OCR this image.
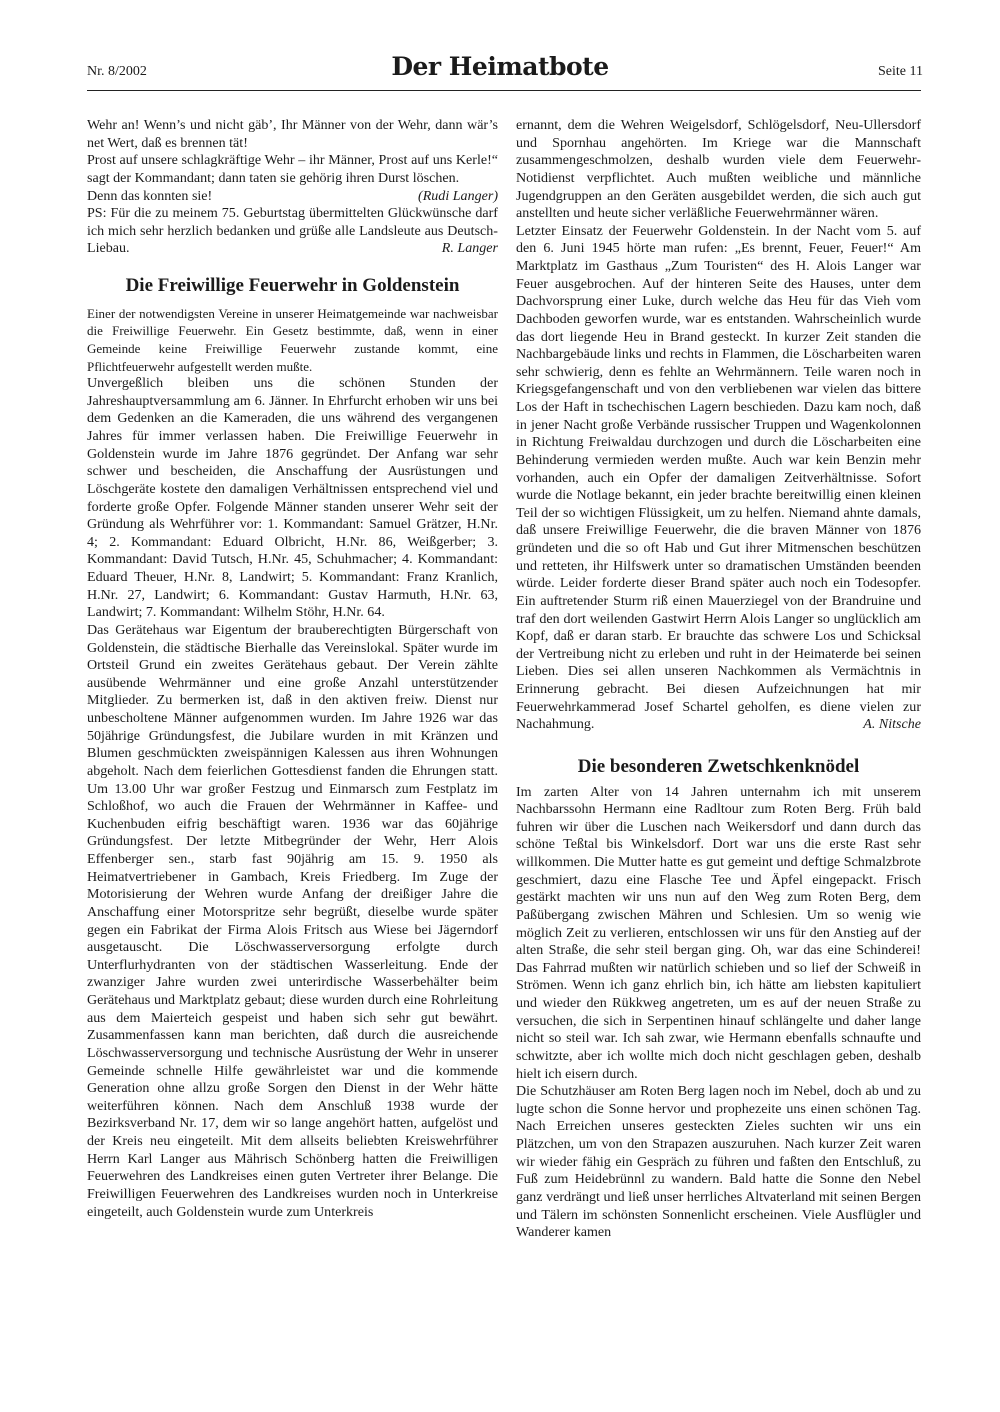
Nr. 8/2002	Der Heimatbote	Seite 11

Wehr an! Wenn’s und nicht gäb’, Ihr Männer von der Wehr, dann wär’s net Wert, daß es brennen tät!

Prost auf unsere schlagkräftige Wehr – ihr Männer, Prost auf uns Kerle!“ sagt der Kommandant; dann taten sie gehörig ihren Durst löschen.

Denn das konnten sie!	(Rudi Langer)

PS: Für die zu meinem 75. Geburtstag übermittelten Glückwünsche darf ich mich sehr herzlich bedanken und grüße alle Landsleute aus Deutsch-Liebau.	R. Langer
Die Freiwillige Feuerwehr in Goldenstein

Einer der notwendigsten Vereine in unserer Heimatgemeinde war nachweisbar die Freiwillige Feuerwehr. Ein Gesetz bestimmte, daß, wenn in einer Gemeinde keine Freiwillige Feuerwehr zustande kommt, eine Pflichtfeuerwehr aufgestellt werden mußte.

Unvergeßlich bleiben uns die schönen Stunden der Jahreshauptversammlung am 6. Jänner. In Ehrfurcht erhoben wir uns bei dem Gedenken an die Kameraden, die uns während des vergangenen Jahres für immer verlassen haben. Die Freiwillige Feuerwehr in Goldenstein wurde im Jahre 1876 gegründet. Der Anfang war sehr schwer und bescheiden, die Anschaffung der Ausrüstungen und Löschgeräte kostete den damaligen Verhältnissen entsprechend viel und forderte große Opfer. Folgende Männer standen unserer Wehr seit der Gründung als Wehrführer vor: 1. Kommandant: Samuel Grätzer, H.Nr. 4; 2. Kommandant: Eduard Olbricht, H.Nr. 86, Weißgerber; 3. Kommandant: David Tutsch, H.Nr. 45, Schuhmacher; 4. Kommandant: Eduard Theuer, H.Nr. 8, Landwirt; 5. Kommandant: Franz Kranlich, H.Nr. 27, Landwirt; 6. Kommandant: Gustav Harmuth, H.Nr. 63, Landwirt; 7. Kommandant: Wilhelm Stöhr, H.Nr. 64.

Das Gerätehaus war Eigentum der brauberechtigten Bürgerschaft von Goldenstein, die städtische Bierhalle das Vereinslokal. Später wurde im Ortsteil Grund ein zweites Gerätehaus gebaut. Der Verein zählte ausübende Wehrmänner und eine große Anzahl unterstützender Mitglieder. Zu bermerken ist, daß in den aktiven freiw. Dienst nur unbescholtene Männer aufgenommen wurden. Im Jahre 1926 war das 50jährige Gründungsfest, die Jubilare wurden in mit Kränzen und Blumen geschmückten zweispännigen Kalessen aus ihren Wohnungen abgeholt. Nach dem feierlichen Gottesdienst fanden die Ehrungen statt. Um 13.00 Uhr war großer Festzug und Einmarsch zum Festplatz im Schloßhof, wo auch die Frauen der Wehrmänner in Kaffee- und Kuchenbuden eifrig beschäftigt waren. 1936 war das 60jährige Gründungsfest. Der letzte Mitbegründer der Wehr, Herr Alois Effenberger sen., starb fast 90jährig am 15. 9. 1950 als Heimatvertriebener in Gambach, Kreis Friedberg. Im Zuge der Motorisierung der Wehren wurde Anfang der dreißiger Jahre die Anschaffung einer Motorspritze sehr begrüßt, dieselbe wurde später gegen ein Fabrikat der Firma Alois Fritsch aus Wiese bei Jägerndorf ausgetauscht. Die Löschwasserversorgung erfolgte durch Unterflurhydranten von der städtischen Wasserleitung. Ende der zwanziger Jahre wurden zwei unterirdische Wasserbehälter beim Gerätehaus und Marktplatz gebaut; diese wurden durch eine Rohrleitung aus dem Maierteich gespeist und haben sich sehr gut bewährt. Zusammenfassen kann man berichten, daß durch die ausreichende Löschwasserversorgung und technische Ausrüstung der Wehr in unserer Gemeinde schnelle Hilfe gewährleistet war und die kommende Generation ohne allzu große Sorgen den Dienst in der Wehr hätte weiterführen können. Nach dem Anschluß 1938 wurde der Bezirksverband Nr. 17, dem wir so lange angehört hatten, aufgelöst und der Kreis neu eingeteilt. Mit dem allseits beliebten Kreiswehrführer Herrn Karl Langer aus Mährisch Schönberg hatten die Freiwilligen Feuerwehren des Landkreises einen guten Vertreter ihrer Belange. Die Freiwilligen Feuerwehren des Landkreises wurden noch in Unterkreise eingeteilt, auch Goldenstein wurde zum Unterkreis

ernannt, dem die Wehren Weigelsdorf, Schlögelsdorf, Neu-Ullersdorf und Spornhau angehörten. Im Kriege war die Mannschaft zusammengeschmolzen, deshalb wurden viele dem Feuerwehr-Notidienst verpflichtet. Auch mußten weibliche und männliche Jugendgruppen an den Geräten ausgebildet werden, die sich auch gut anstellten und heute sicher verläßliche Feuerwehrmänner wären.

Letzter Einsatz der Feuerwehr Goldenstein. In der Nacht vom 5. auf den 6. Juni 1945 hörte man rufen: „Es brennt, Feuer, Feuer!“ Am Marktplatz im Gasthaus „Zum Touristen“ des H. Alois Langer war Feuer ausgebrochen. Auf der hinteren Seite des Hauses, unter dem Dachvorsprung einer Luke, durch welche das Heu für das Vieh vom Dachboden geworfen wurde, war es entstanden. Wahrscheinlich wurde das dort liegende Heu in Brand gesteckt. In kurzer Zeit standen die Nachbargebäude links und rechts in Flammen, die Löscharbeiten waren sehr schwierig, denn es fehlte an Wehrmännern. Teile waren noch in Kriegsgefangenschaft und von den verbliebenen war vielen das bittere Los der Haft in tschechischen Lagern beschieden. Dazu kam noch, daß in jener Nacht große Verbände russischer Truppen und Wagenkolonnen in Richtung Freiwaldau durchzogen und durch die Löscharbeiten eine Behinderung vermieden werden mußte. Auch war kein Benzin mehr vorhanden, auch ein Opfer der damaligen Zeitverhältnisse. Sofort wurde die Notlage bekannt, ein jeder brachte bereitwillig einen kleinen Teil der so wichtigen Flüssigkeit, um zu helfen. Niemand ahnte damals, daß unsere Freiwillige Feuerwehr, die die braven Männer von 1876 gründeten und die so oft Hab und Gut ihrer Mitmenschen beschützen und retteten, ihr Hilfswerk unter so dramatischen Umständen beenden würde. Leider forderte dieser Brand später auch noch ein Todesopfer. Ein auftretender Sturm riß einen Mauerziegel von der Brandruine und traf den dort weilenden Gastwirt Herrn Alois Langer so unglücklich am Kopf, daß er daran starb. Er brauchte das schwere Los und Schicksal der Vertreibung nicht zu erleben und ruht in der Heimaterde bei seinen Lieben. Dies sei allen unseren Nachkommen als Vermächtnis in Erinnerung gebracht. Bei diesen Aufzeichnungen hat mir Feuerwehrkammerad Josef Schartel geholfen, es diene vielen zur Nachahmung.	A. Nitsche
Die besonderen Zwetschkenknödel

Im zarten Alter von 14 Jahren unternahm ich mit unserem Nachbarssohn Hermann eine Radltour zum Roten Berg. Früh bald fuhren wir über die Luschen nach Weikersdorf und dann durch das schöne Teßtal bis Winkelsdorf. Dort war uns die erste Rast sehr willkommen. Die Mutter hatte es gut gemeint und deftige Schmalzbrote geschmiert, dazu eine Flasche Tee und Äpfel eingepackt. Frisch gestärkt machten wir uns nun auf den Weg zum Roten Berg, dem Paßübergang zwischen Mähren und Schlesien. Um so wenig wie möglich Zeit zu verlieren, entschlossen wir uns für den Anstieg auf der alten Straße, die sehr steil bergan ging. Oh, war das eine Schinderei! Das Fahrrad mußten wir natürlich schieben und so lief der Schweiß in Strömen. Wenn ich ganz ehrlich bin, ich hätte am liebsten kapituliert und wieder den Rükkweg angetreten, um es auf der neuen Straße zu versuchen, die sich in Serpentinen hinauf schlängelte und daher lange nicht so steil war. Ich sah zwar, wie Hermann ebenfalls schnaufte und schwitzte, aber ich wollte mich doch nicht geschlagen geben, deshalb hielt ich eisern durch.

Die Schutzhäuser am Roten Berg lagen noch im Nebel, doch ab und zu lugte schon die Sonne hervor und prophezeite uns einen schönen Tag. Nach Erreichen unseres gesteckten Zieles suchten wir uns ein Plätzchen, um von den Strapazen auszuruhen. Nach kurzer Zeit waren wir wieder fähig ein Gespräch zu führen und faßten den Entschluß, zu Fuß zum Heidebrünnl zu wandern. Bald hatte die Sonne den Nebel ganz verdrängt und ließ unser herrliches Altvaterland mit seinen Bergen und Tälern im schönsten Sonnenlicht erscheinen. Viele Ausflügler und Wanderer kamen
